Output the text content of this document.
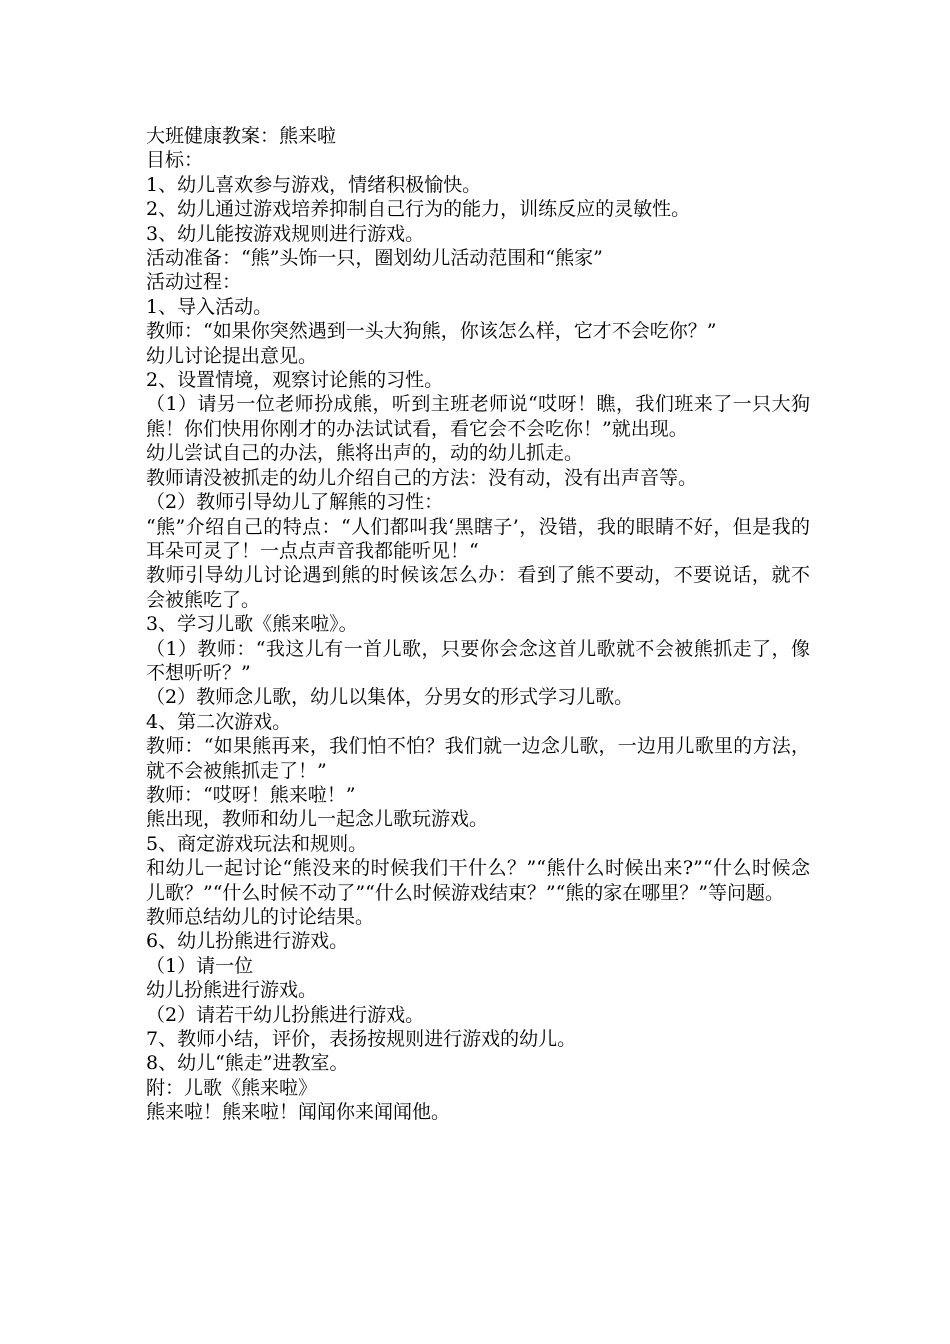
大班健康教案：熊来啦

目标：

1、幼儿喜欢参与游戏，情绪积极愉快。

2、幼儿通过游戏培养抑制自己行为的能力，训练反应的灵敏性。

3、幼儿能按游戏规则进行游戏。

活动准备：“熊”头饰一只，圈划幼儿活动范围和“熊家”

活动过程：

1、导入活动。

教师：“如果你突然遇到一头大狗熊，你该怎么样，它才不会吃你？”

幼儿讨论提出意见。

2、设置情境，观察讨论熊的习性。

（1）请另一位老师扮成熊，听到主班老师说“哎呀！瞧，我们班来了一只大狗熊！你们快用你刚才的办法试试看，看它会不会吃你！”就出现。

幼儿尝试自己的办法，熊将出声的，动的幼儿抓走。

教师请没被抓走的幼儿介绍自己的方法：没有动，没有出声音等。

（2）教师引导幼儿了解熊的习性：

“熊”介绍自己的特点：“人们都叫我‘黑瞎子’，没错，我的眼睛不好，但是我的耳朵可灵了！一点点声音我都能听见！“

教师引导幼儿讨论遇到熊的时候该怎么办：看到了熊不要动，不要说话，就不会被熊吃了。

3、学习儿歌《熊来啦》。

（1）教师：“我这儿有一首儿歌，只要你会念这首儿歌就不会被熊抓走了，像不想听听？”

（2）教师念儿歌，幼儿以集体，分男女的形式学习儿歌。

4、第二次游戏。

教师：“如果熊再来，我们怕不怕？我们就一边念儿歌，一边用儿歌里的方法，就不会被熊抓走了！”

教师：“哎呀！熊来啦！”

熊出现，教师和幼儿一起念儿歌玩游戏。

5、商定游戏玩法和规则。

和幼儿一起讨论“熊没来的时候我们干什么？”“熊什么时候出来?”“什么时候念儿歌？”“什么时候不动了”“什么时候游戏结束？”“熊的家在哪里？”等问题。

教师总结幼儿的讨论结果。

6、幼儿扮熊进行游戏。

（1）请一位

幼儿扮熊进行游戏。

（2）请若干幼儿扮熊进行游戏。

7、教师小结，评价，表扬按规则进行游戏的幼儿。

8、幼儿“熊走”进教室。

附：儿歌《熊来啦》

熊来啦！熊来啦！闻闻你来闻闻他。
